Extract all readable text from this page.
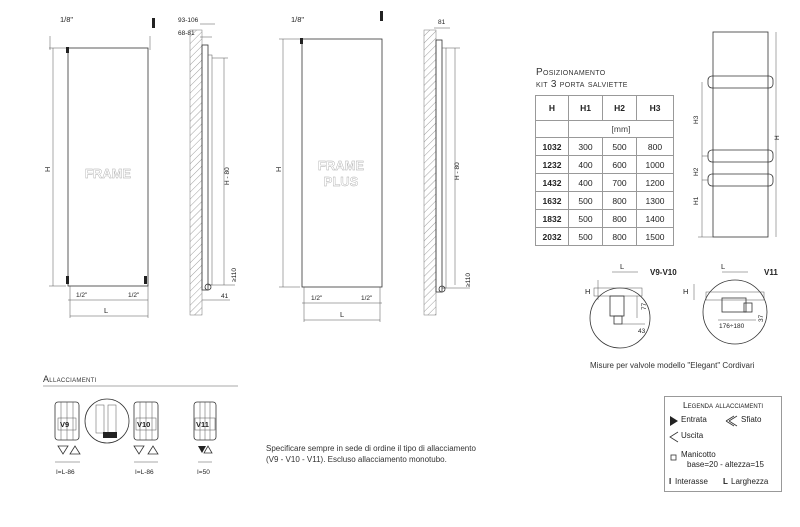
1/8"
FRAME
H
1/2"	1/2"
L
93-106
68-81
H - 80
≥110
41
1/8"
FRAME
PLUS
H
1/2"	1/2"
L
81
H - 80
≥110
H3
H2
H1
H
V9-V10
H
L
77
43
V11
H
L
176÷180
37
V9
I=L-86
83
V10
I=L-86
V11
I=50
Posizionamento
kit 3 porta salviette
H	H1	H2	H3
	[mm]		
1032	300	500	800
1232	400	600	1000
1432	400	700	1200
1632	500	800	1300
1832	500	800	1400
2032	500	800	1500
Misure per valvole modello "Elegant" Cordivari
Allacciamenti
Specificare sempre in sede di ordine il tipo di allacciamento (V9 - V10 - V11). Escluso allacciamento monotubo.
Legenda allacciamenti
Entrata	Sfiato
Uscita
Manicotto
base=20 - altezza=15
I Interasse L Larghezza
